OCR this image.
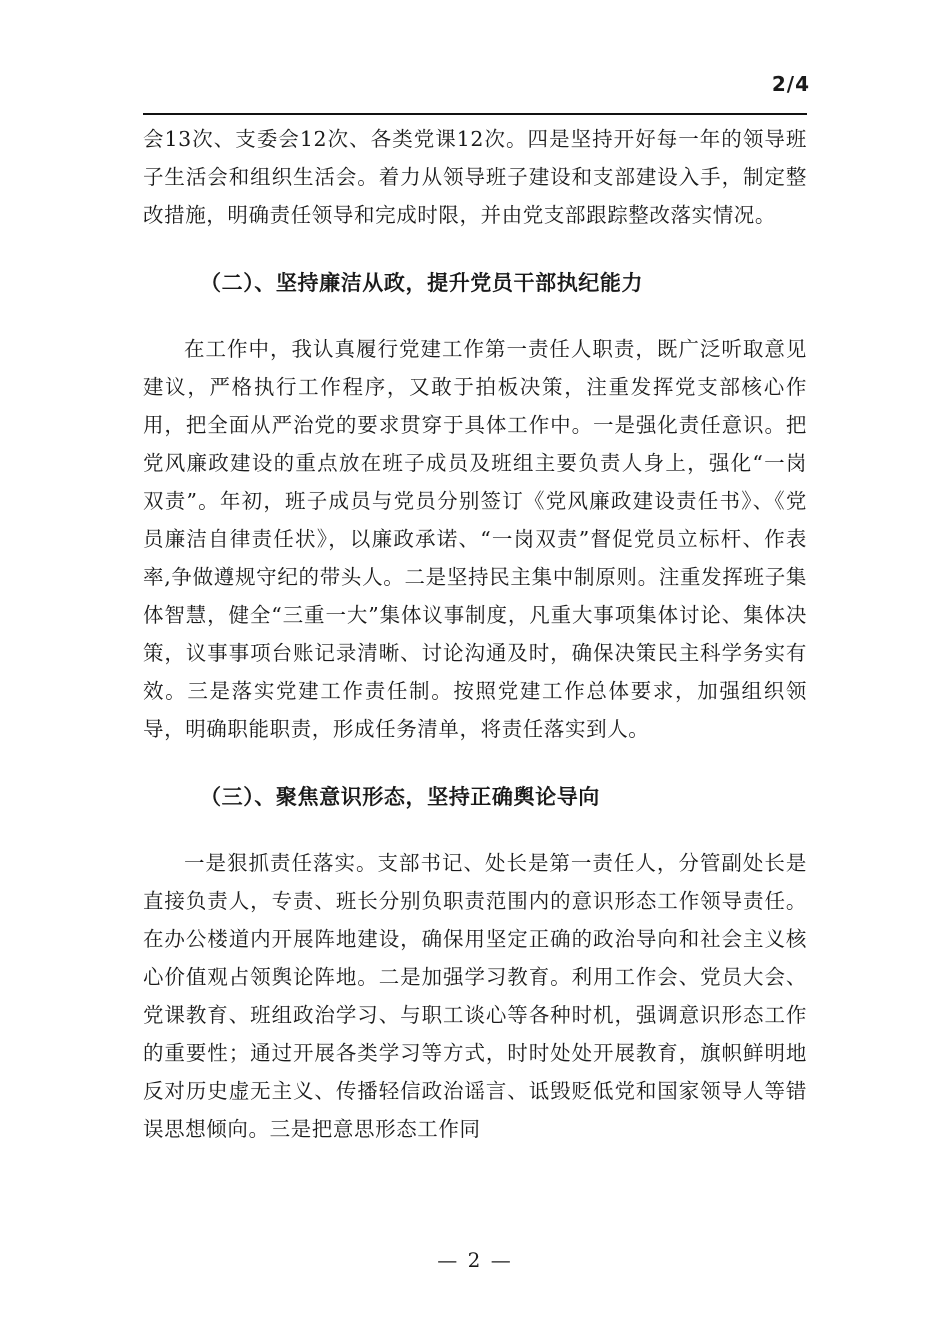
2/4

会13次、支委会12次、各类党课12次。四是坚持开好每一年的领导班子生活会和组织生活会。着力从领导班子建设和支部建设入手，制定整改措施，明确责任领导和完成时限，并由党支部跟踪整改落实情况。

（二）、坚持廉洁从政，提升党员干部执纪能力

在工作中，我认真履行党建工作第一责任人职责，既广泛听取意见建议，严格执行工作程序，又敢于拍板决策，注重发挥党支部核心作用，把全面从严治党的要求贯穿于具体工作中。一是强化责任意识。把党风廉政建设的重点放在班子成员及班组主要负责人身上，强化“一岗双责”。年初，班子成员与党员分别签订《党风廉政建设责任书》、《党员廉洁自律责任状》，以廉政承诺、“一岗双责”督促党员立标杆、作表率,争做遵规守纪的带头人。二是坚持民主集中制原则。注重发挥班子集体智慧，健全“三重一大”集体议事制度，凡重大事项集体讨论、集体决策，议事事项台账记录清晰、讨论沟通及时，确保决策民主科学务实有效。三是落实党建工作责任制。按照党建工作总体要求，加强组织领导，明确职能职责，形成任务清单，将责任落实到人。

（三）、聚焦意识形态，坚持正确舆论导向

一是狠抓责任落实。支部书记、处长是第一责任人，分管副处长是直接负责人，专责、班长分别负职责范围内的意识形态工作领导责任。在办公楼道内开展阵地建设，确保用坚定正确的政治导向和社会主义核心价值观占领舆论阵地。二是加强学习教育。利用工作会、党员大会、党课教育、班组政治学习、与职工谈心等各种时机，强调意识形态工作的重要性；通过开展各类学习等方式，时时处处开展教育，旗帜鲜明地反对历史虚无主义、传播轻信政治谣言、诋毁贬低党和国家领导人等错误思想倾向。三是把意思形态工作同

— 2 —
